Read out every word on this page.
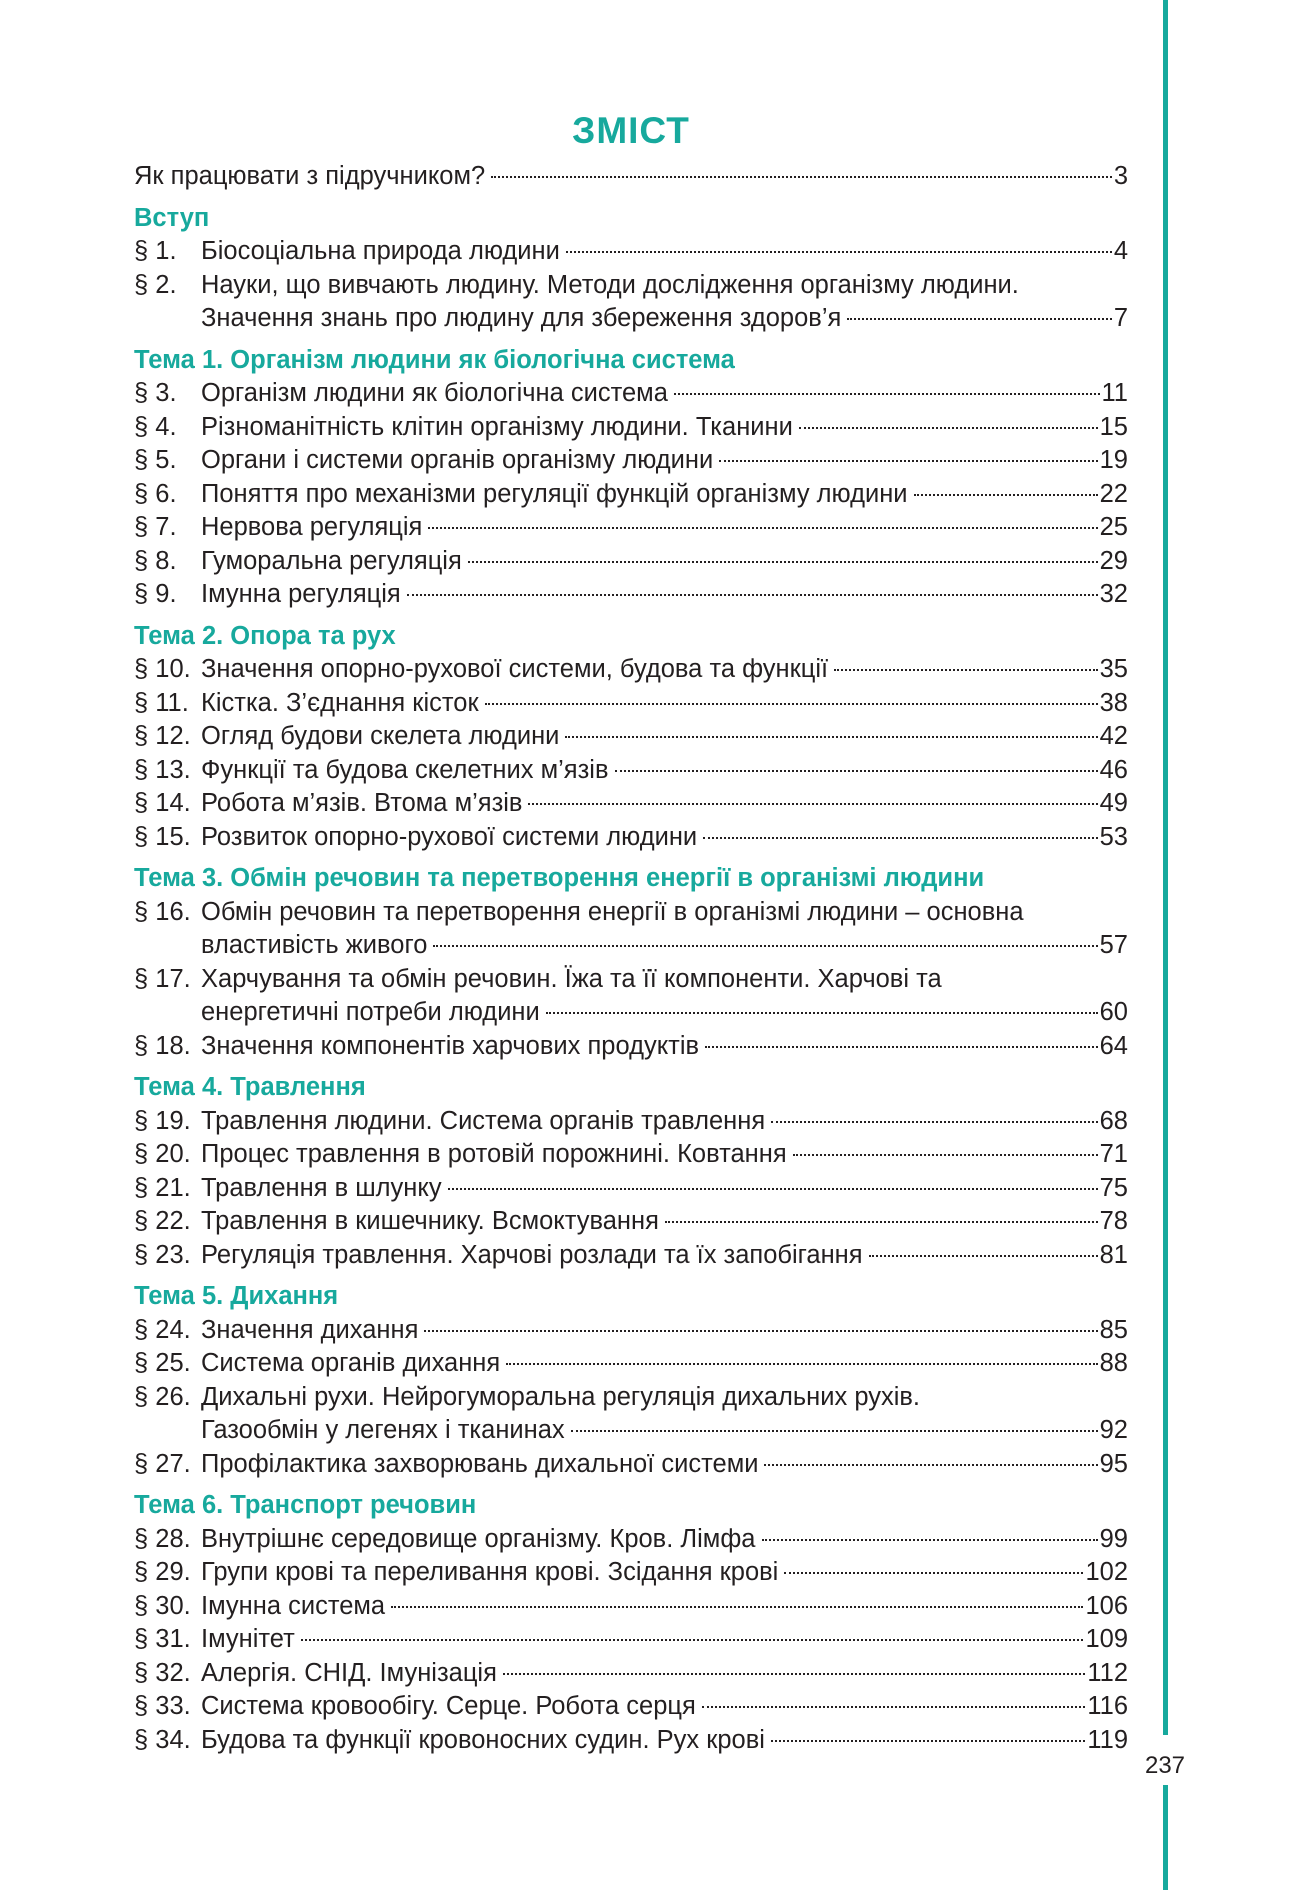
237
ЗМІСТ
Як працювати з підручником?	3
Вступ
§ 1. Біосоціальна природа людини	4
§ 2. Науки, що вивчають людину. Методи дослідження організму людини.
Значення знань про людину для збереження здоров’я	7
Тема 1. Організм людини як біологічна система
§ 3. Організм людини як біологічна система	11
§ 4. Різноманітність клітин організму людини. Тканини	15
§ 5. Органи і системи органів організму людини	19
§ 6. Поняття про механізми регуляції функцій організму людини	22
§ 7. Нервова регуляція	25
§ 8. Гуморальна регуляція	29
§ 9. Імунна регуляція	32
Тема 2. Опора та рух
§ 10. Значення опорно-рухової системи, будова та функції	35
§ 11. Кістка. З’єднання кісток	38
§ 12. Огляд будови скелета людини	42
§ 13. Функції та будова скелетних м’язів	46
§ 14. Робота м’язів. Втома м’язів	49
§ 15. Розвиток опорно-рухової системи людини	53
Тема 3. Обмін речовин та перетворення енергії в організмі людини
§ 16. Обмін речовин та перетворення енергії в організмі людини – основна
властивість живого	57
§ 17. Харчування та обмін речовин. Їжа та її компоненти. Харчові та
енергетичні потреби людини	60
§ 18. Значення компонентів харчових продуктів	64
Тема 4. Травлення
§ 19. Травлення людини. Система органів травлення	68
§ 20. Процес травлення в ротовій порожнині. Ковтання	71
§ 21. Травлення в шлунку	75
§ 22. Травлення в кишечнику. Всмоктування	78
§ 23. Регуляція травлення. Харчові розлади та їх запобігання	81
Тема 5. Дихання
§ 24. Значення дихання	85
§ 25. Система органів дихання	88
§ 26. Дихальні рухи. Нейрогуморальна регуляція дихальних рухів.
Газообмін у легенях і тканинах	92
§ 27. Профілактика захворювань дихальної системи	95
Тема 6. Транспорт речовин
§ 28. Внутрішнє середовище організму. Кров. Лімфа	99
§ 29. Групи крові та переливання крові. Зсідання крові	102
§ 30. Імунна система	106
§ 31. Імунітет	109
§ 32. Алергія. СНІД. Імунізація	112
§ 33. Система кровообігу. Серце. Робота серця	116
§ 34. Будова та функції кровоносних судин. Рух крові	119
